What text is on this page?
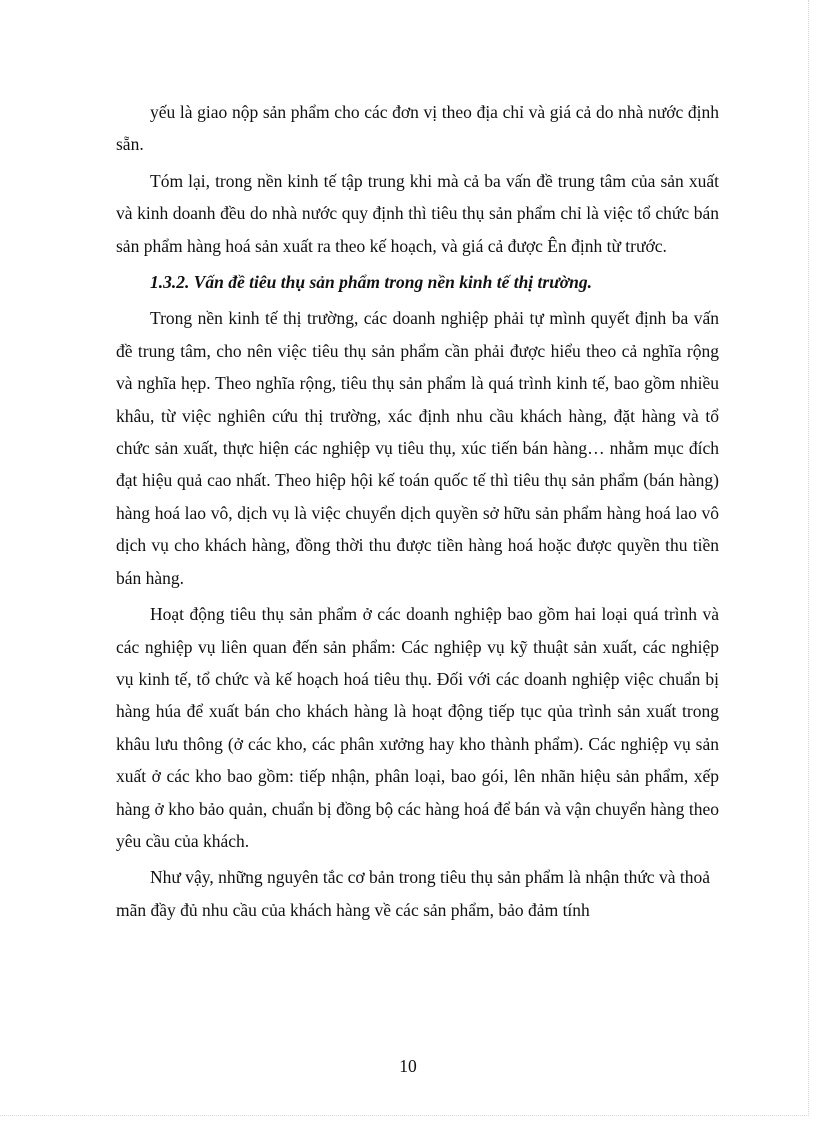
yếu là giao nộp sản phẩm cho các đơn vị theo địa chỉ và giá cả do nhà nước định sẵn.

Tóm lại, trong nền kinh tế tập trung khi mà cả ba vấn đề trung tâm của sản xuất và kinh doanh đều do nhà nước quy định thì tiêu thụ sản phẩm chỉ là việc tổ chức bán sản phẩm hàng hoá sản xuất ra theo kế hoạch, và giá cả được Ên định từ trước.

1.3.2. Vấn đề tiêu thụ sản phẩm trong nền kinh tế thị trường.

Trong nền kinh tế thị trường, các doanh nghiệp phải tự mình quyết định ba vấn đề trung tâm, cho nên việc tiêu thụ sản phẩm cần phải được hiểu theo cả nghĩa rộng và nghĩa hẹp. Theo nghĩa rộng, tiêu thụ sản phẩm là quá trình kinh tế, bao gồm nhiều khâu, từ việc nghiên cứu thị trường, xác định nhu cầu khách hàng, đặt hàng và tổ chức sản xuất, thực hiện các nghiệp vụ tiêu thụ, xúc tiến bán hàng… nhằm mục đích đạt hiệu quả cao nhất. Theo hiệp hội kế toán quốc tế thì tiêu thụ sản phẩm (bán hàng) hàng hoá lao vô, dịch vụ là việc chuyển dịch quyền sở hữu sản phẩm hàng hoá lao vô dịch vụ cho khách hàng, đồng thời thu được tiền hàng hoá hoặc được quyền thu tiền bán hàng.

Hoạt động tiêu thụ sản phẩm ở các doanh nghiệp bao gồm hai loại quá trình và các nghiệp vụ liên quan đến sản phẩm: Các nghiệp vụ kỹ thuật sản xuất, các nghiệp vụ kinh tế, tổ chức và kế hoạch hoá tiêu thụ. Đối với các doanh nghiệp việc chuẩn bị hàng húa để xuất bán cho khách hàng là hoạt động tiếp tục qủa trình sản xuất trong khâu lưu thông (ở các kho, các phân xưởng hay kho thành phẩm). Các nghiệp vụ sản xuất ở các kho bao gồm: tiếp nhận, phân loại, bao gói, lên nhãn hiệu sản phẩm, xếp hàng ở kho bảo quản, chuẩn bị đồng bộ các hàng hoá để bán và vận chuyển hàng theo yêu cầu của khách.

Như vậy, những nguyên tắc cơ bản trong tiêu thụ sản phẩm là nhận thức và thoả mãn đầy đủ nhu cầu của khách hàng về các sản phẩm, bảo đảm tính

10
